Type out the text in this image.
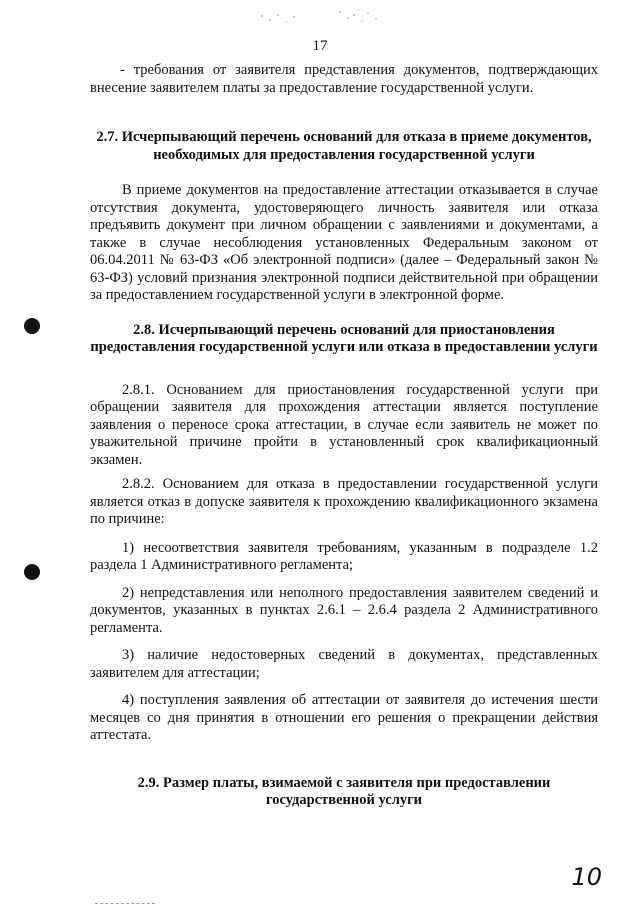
17

- требования от заявителя представления документов, подтверждающих внесение заявителем платы за предоставление государственной услуги.

2.7. Исчерпывающий перечень оснований для отказа в приеме документов, необходимых для предоставления государственной услуги

В приеме документов на предоставление аттестации отказывается в случае отсутствия документа, удостоверяющего личность заявителя или отказа предъявить документ при личном обращении с заявлениями и документами, а также в случае несоблюдения установленных Федеральным законом от 06.04.2011 № 63-ФЗ «Об электронной подписи» (далее – Федеральный закон № 63-ФЗ) условий признания электронной подписи действительной при обращении за предоставлением государственной услуги в электронной форме.

2.8. Исчерпывающий перечень оснований для приостановления предоставления государственной услуги или отказа в предоставлении услуги

2.8.1. Основанием для приостановления государственной услуги при обращении заявителя для прохождения аттестации является поступление заявления о переносе срока аттестации, в случае если заявитель не может по уважительной причине пройти в установленный срок квалификационный экзамен.

2.8.2. Основанием для отказа в предоставлении государственной услуги является отказ в допуске заявителя к прохождению квалификационного экзамена по причине:

1) несоответствия заявителя требованиям, указанным в подразделе 1.2 раздела 1 Административного регламента;

2) непредставления или неполного предоставления заявителем сведений и документов, указанных в пунктах 2.6.1 – 2.6.4 раздела 2 Административного регламента.

3) наличие недостоверных сведений в документах, представленных заявителем для аттестации;

4) поступления заявления об аттестации от заявителя до истечения шести месяцев со дня принятия в отношении его решения о прекращении действия аттестата.

2.9. Размер платы, взимаемой с заявителя при предоставлении государственной услуги

10
